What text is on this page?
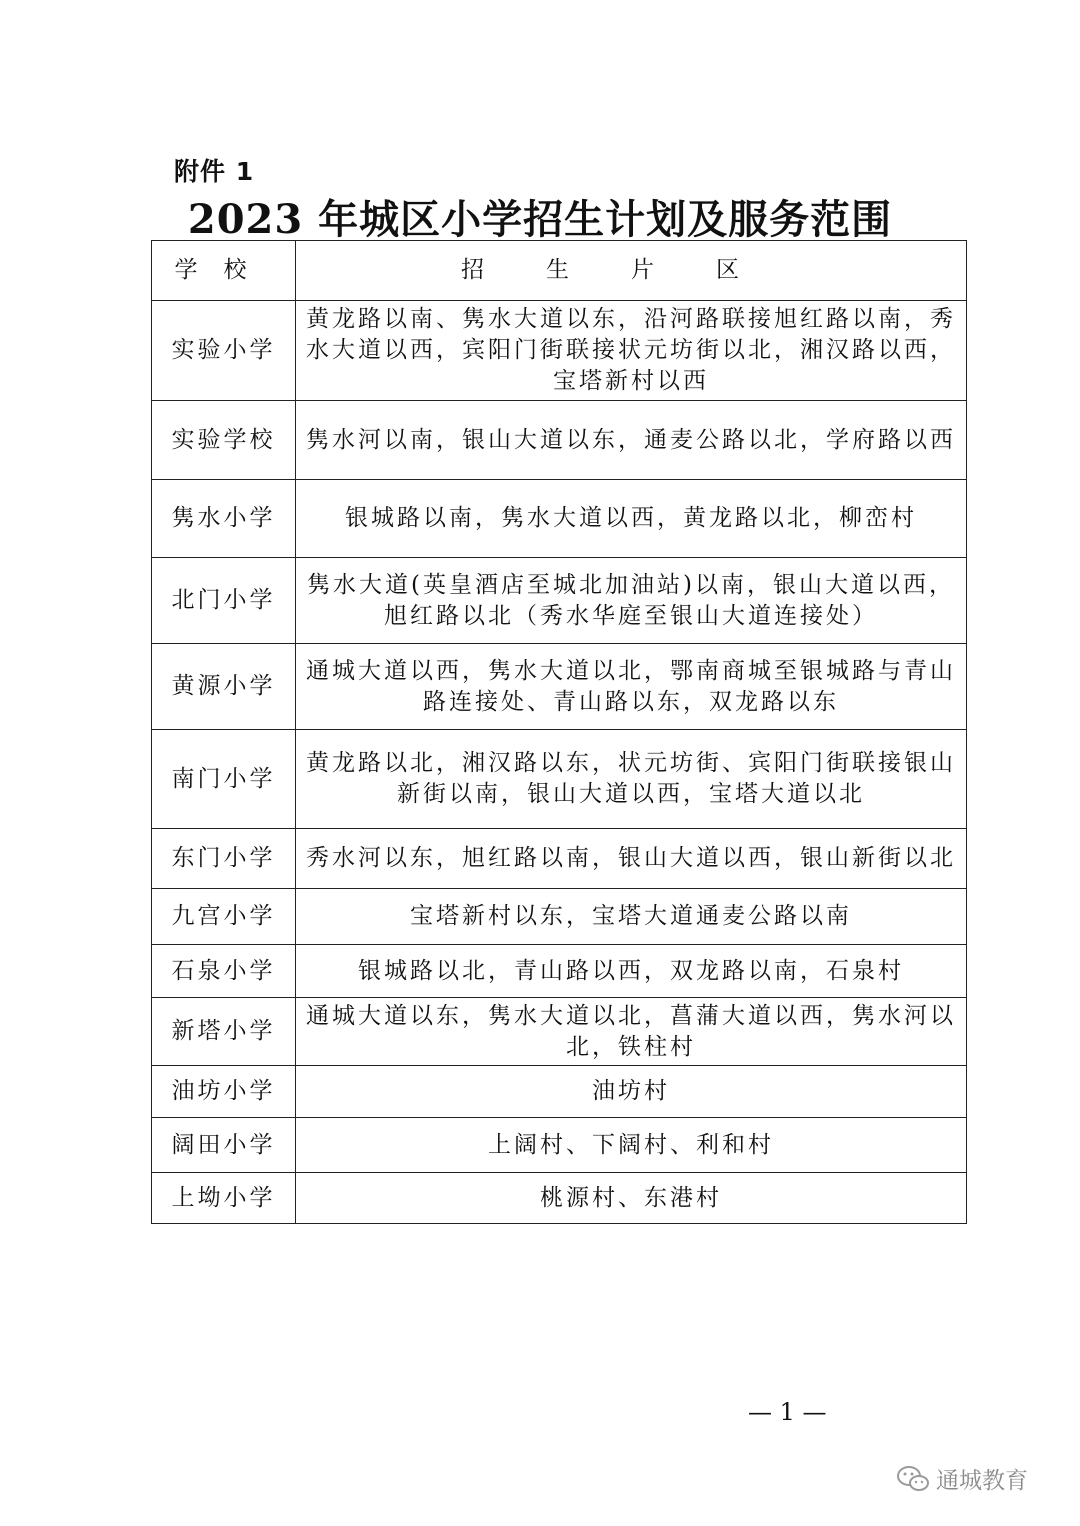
附件 1
2023 年城区小学招生计划及服务范围
学校	招生片区
实验小学	黄龙路以南、隽水大道以东，沿河路联接旭红路以南，秀水大道以西，宾阳门街联接状元坊街以北，湘汉路以西，宝塔新村以西
实验学校	隽水河以南，银山大道以东，通麦公路以北，学府路以西
隽水小学	银城路以南，隽水大道以西，黄龙路以北，柳峦村
北门小学	隽水大道(英皇酒店至城北加油站)以南，银山大道以西，旭红路以北（秀水华庭至银山大道连接处）
黄源小学	通城大道以西，隽水大道以北，鄂南商城至银城路与青山路连接处、青山路以东，双龙路以东
南门小学	黄龙路以北，湘汉路以东，状元坊街、宾阳门街联接银山新街以南，银山大道以西，宝塔大道以北
东门小学	秀水河以东，旭红路以南，银山大道以西，银山新街以北
九宫小学	宝塔新村以东，宝塔大道通麦公路以南
石泉小学	银城路以北，青山路以西，双龙路以南，石泉村
新塔小学	通城大道以东，隽水大道以北，菖蒲大道以西，隽水河以北，铁柱村
油坊小学	油坊村
阔田小学	上阔村、下阔村、利和村
上坳小学	桃源村、东港村
— 1 —
通城教育
